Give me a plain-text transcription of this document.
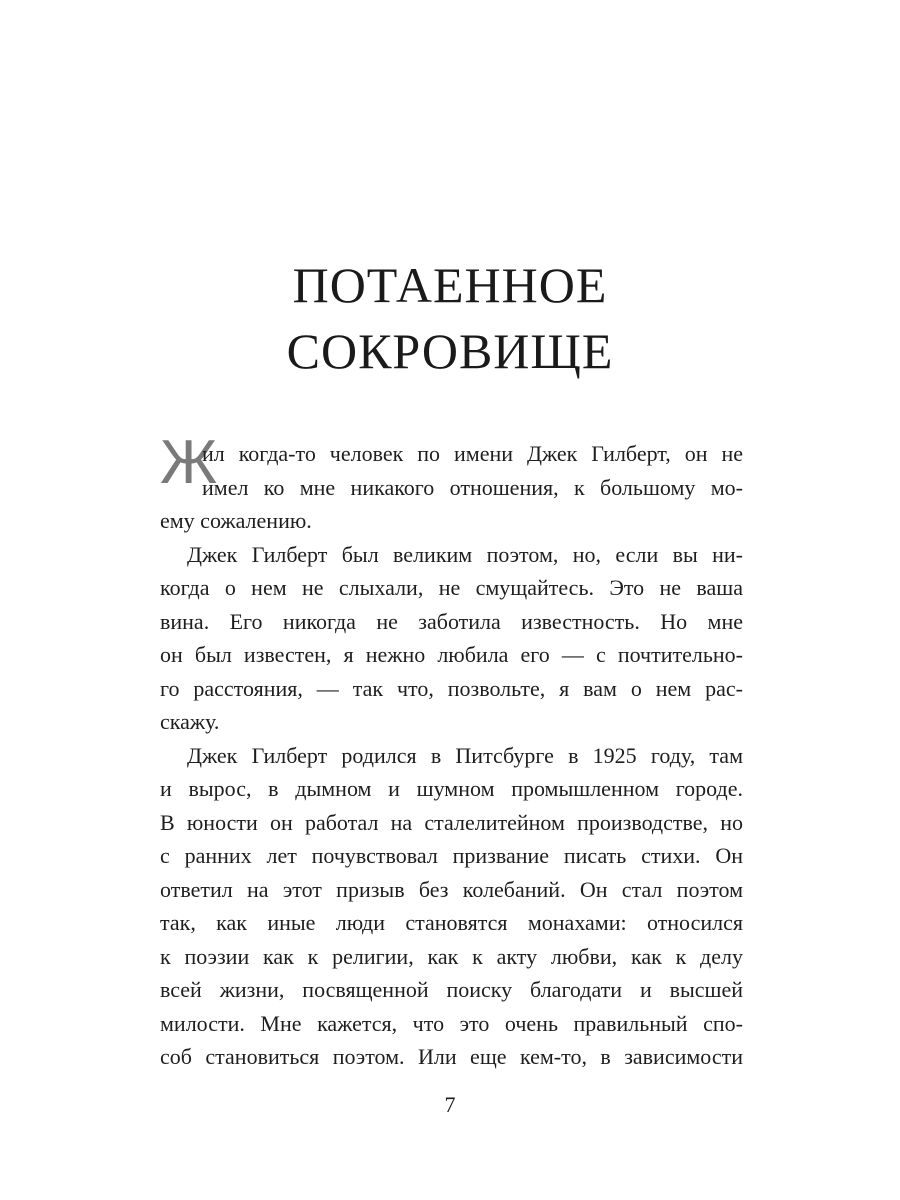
ПОТАЕННОЕ
СОКРОВИЩЕ
Ж
ил когда-то человек по имени Джек Гилберт, он не
имел ко мне никакого отношения, к большому мо-
ему сожалению.
Джек Гилберт был великим поэтом, но, если вы ни-
когда о нем не слыхали, не смущайтесь. Это не ваша
вина. Его никогда не заботила известность. Но мне
он был известен, я нежно любила его — с почтительно-
го расстояния, — так что, позвольте, я вам о нем рас-
скажу.
Джек Гилберт родился в Питсбурге в 1925 году, там
и вырос, в дымном и шумном промышленном городе.
В юности он работал на сталелитейном производстве, но
с ранних лет почувствовал призвание писать стихи. Он
ответил на этот призыв без колебаний. Он стал поэтом
так, как иные люди становятся монахами: относился
к поэзии как к религии, как к акту любви, как к делу
всей жизни, посвященной поиску благодати и высшей
милости. Мне кажется, что это очень правильный спо-
соб становиться поэтом. Или еще кем-то, в зависимости
7
